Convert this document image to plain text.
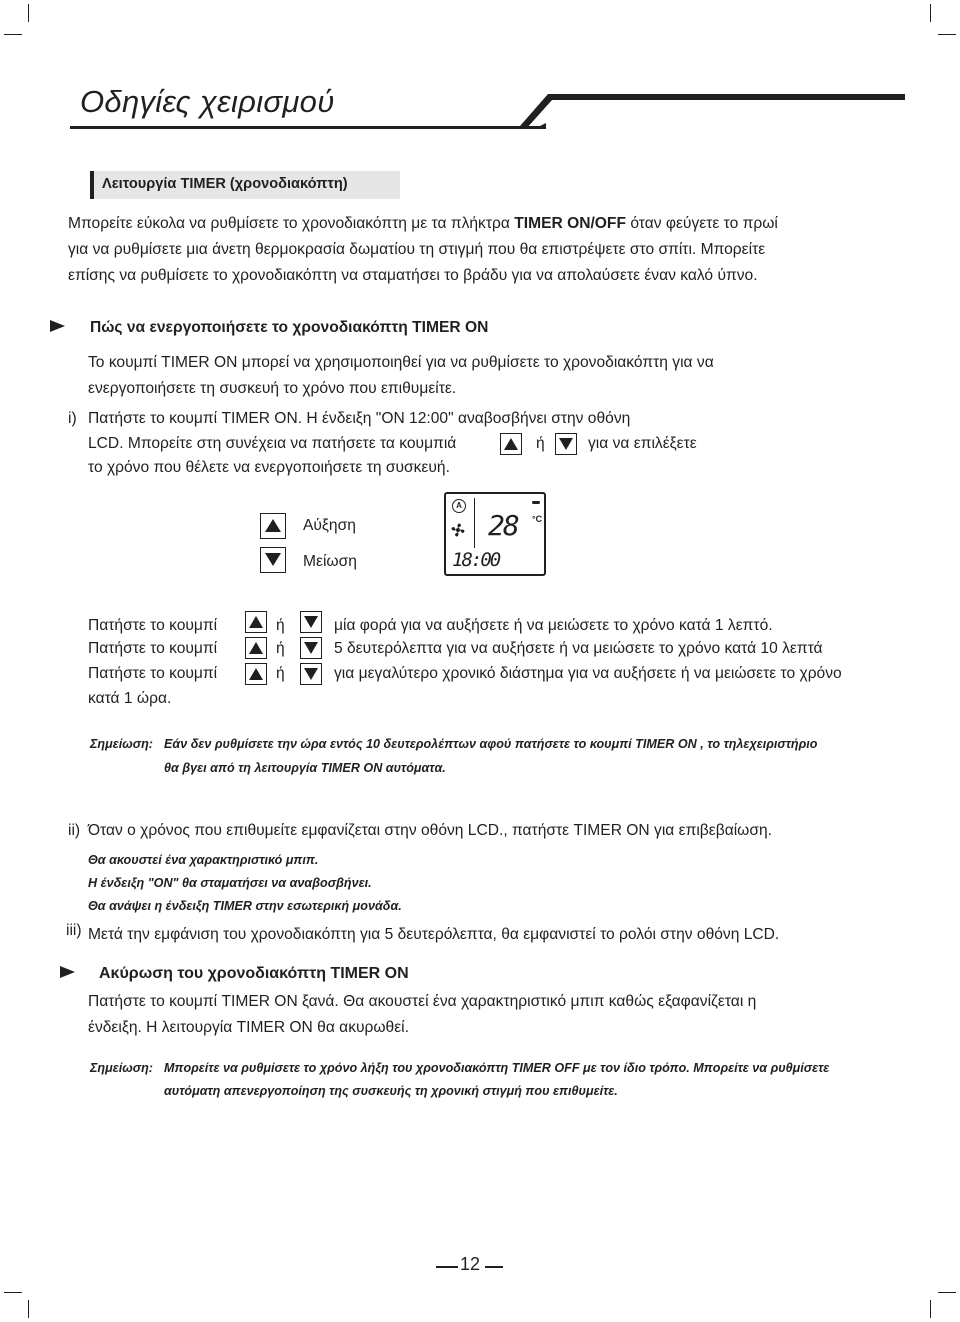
Οδηγίες χειρισμού
Λειτουργία TIMER (χρονοδιακόπτη)
Μπορείτε εύκολα να ρυθμίσετε το χρονοδιακόπτη με τα πλήκτρα TIMER ON/OFF όταν φεύγετε το πρωί
για να ρυθμίσετε μια άνετη θερμοκρασία δωματίου τη στιγμή που θα επιστρέψετε στο σπίτι. Μπορείτε
επίσης να ρυθμίσετε το χρονοδιακόπτη να σταματήσει το βράδυ για να απολαύσετε έναν καλό ύπνο.
Πώς να ενεργοποιήσετε το χρονοδιακόπτη TIMER ON
Το κουμπί TIMER ON μπορεί να χρησιμοποιηθεί για να ρυθμίσετε το χρονοδιακόπτη για να
ενεργοποιήσετε τη συσκευή το χρόνο που επιθυμείτε.
i) Πατήστε το κουμπί TIMER ON. Η ένδειξη "ON 12:00" αναβοσβήνει στην οθόνη
LCD. Μπορείτε στη συνέχεια να πατήσετε τα κουμπιά	ή	για να επιλέξετε
το χρόνο που θέλετε να ενεργοποιήσετε τη συσκευή.
Αύξηση
Μείωση
A
28 °C
18:00
Πατήστε το κουμπί	ή	μία φορά για να αυξήσετε ή να μειώσετε το χρόνο κατά 1 λεπτό.
Πατήστε το κουμπί	ή	5 δευτερόλεπτα για να αυξήσετε ή να μειώσετε το χρόνο κατά 10 λεπτά
Πατήστε το κουμπί	ή	για μεγαλύτερο χρονικό διάστημα για να αυξήσετε ή να μειώσετε το χρόνο
κατά 1 ώρα.
Σημείωση: Εάν δεν ρυθμίσετε την ώρα εντός 10 δευτερολέπτων αφού πατήσετε το κουμπί TIMER ON , το τηλεχειριστήριο
θα βγει από τη λειτουργία TIMER ON αυτόματα.
ii) Όταν ο χρόνος που επιθυμείτε εμφανίζεται στην οθόνη LCD., πατήστε TIMER ON για επιβεβαίωση.
Θα ακουστεί ένα χαρακτηριστικό μπιπ.
Η ένδειξη "ON" θα σταματήσει να αναβοσβήνει.
Θα ανάψει η ένδειξη TIMER στην εσωτερική μονάδα.
iii) Μετά την εμφάνιση του χρονοδιακόπτη για 5 δευτερόλεπτα, θα εμφανιστεί το ρολόι στην οθόνη LCD.
Ακύρωση του χρονοδιακόπτη TIMER ON
Πατήστε το κουμπί TIMER ON ξανά. Θα ακουστεί ένα χαρακτηριστικό μπιπ καθώς εξαφανίζεται η
ένδειξη. Η λειτουργία TIMER ON θα ακυρωθεί.
Σημείωση: Μπορείτε να ρυθμίσετε το χρόνο λήξη του χρονοδιακόπτη TIMER OFF με τον ίδιο τρόπο. Μπορείτε να ρυθμίσετε
αυτόματη απενεργοποίηση της συσκευής τη χρονική στιγμή που επιθυμείτε.
12
